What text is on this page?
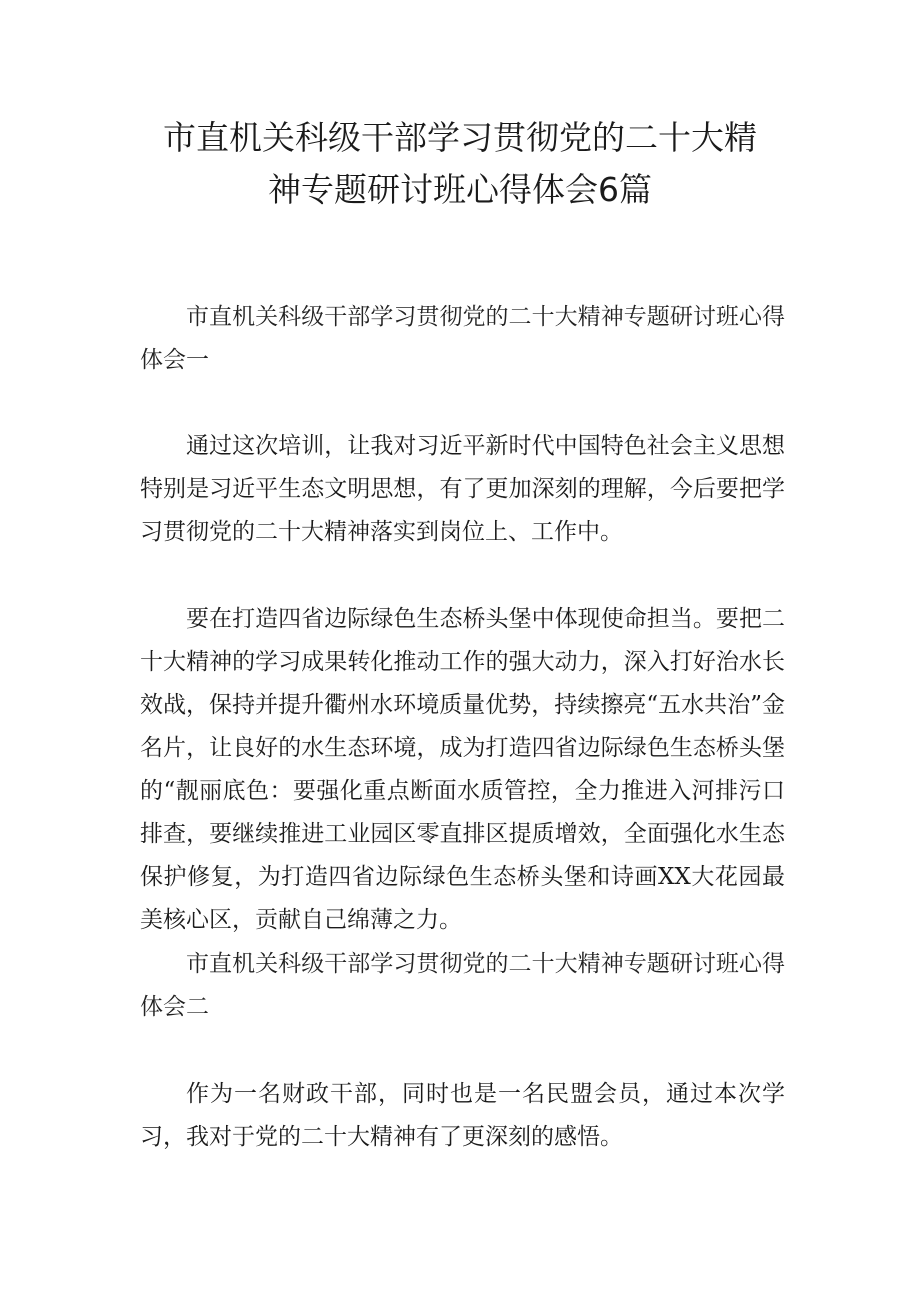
市直机关科级干部学习贯彻党的二十大精
神专题研讨班心得体会6篇

市直机关科级干部学习贯彻党的二十大精神专题研讨班心得体会一

通过这次培训，让我对习近平新时代中国特色社会主义思想特别是习近平生态文明思想，有了更加深刻的理解，今后要把学习贯彻党的二十大精神落实到岗位上、工作中。

要在打造四省边际绿色生态桥头堡中体现使命担当。要把二十大精神的学习成果转化推动工作的强大动力，深入打好治水长效战，保持并提升衢州水环境质量优势，持续擦亮“五水共治”金名片，让良好的水生态环境，成为打造四省边际绿色生态桥头堡的“靓丽底色：要强化重点断面水质管控，全力推进入河排污口排查，要继续推进工业园区零直排区提质增效，全面强化水生态保护修复，为打造四省边际绿色生态桥头堡和诗画XX大花园最美核心区，贡献自己绵薄之力。

市直机关科级干部学习贯彻党的二十大精神专题研讨班心得体会二

作为一名财政干部，同时也是一名民盟会员，通过本次学习，我对于党的二十大精神有了更深刻的感悟。
